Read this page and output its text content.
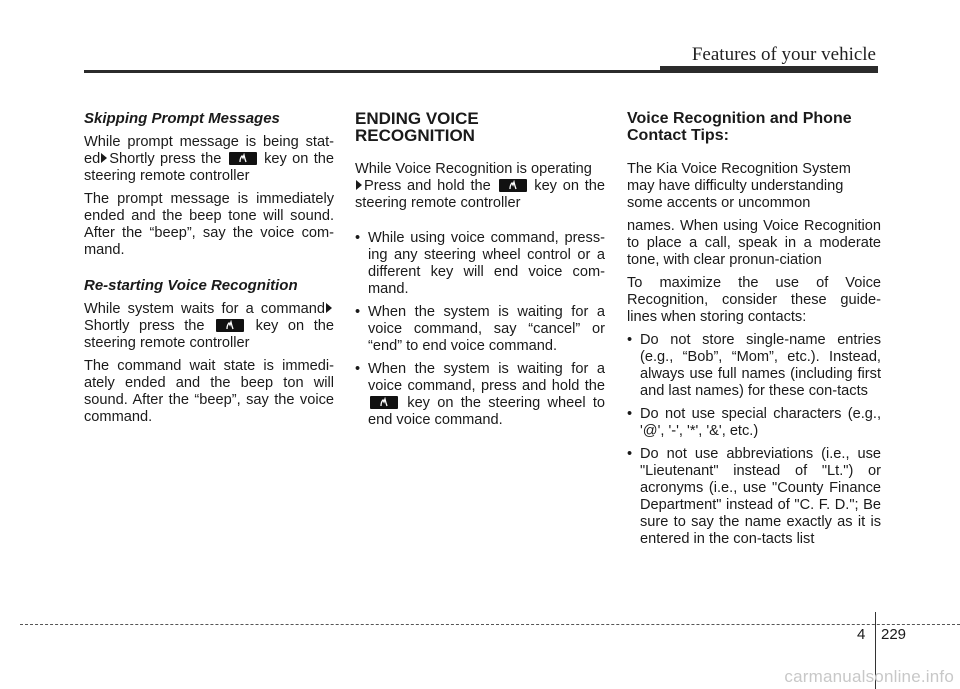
Features of your vehicle
Skipping Prompt Messages

While prompt message is being stat-ed Shortly press the	key on the steering remote controller

The prompt message is immediately ended and the beep tone will sound. After the “beep”, say the voice com-mand.

Re-starting Voice Recognition

While system waits for a command Shortly press the	key on the steering remote controller

The command wait state is immedi-ately ended and the beep ton will sound. After the “beep”, say the voice command.

ENDING VOICE RECOGNITION

While Voice Recognition is operating
Press and hold the	key on the steering remote controller

• While using voice command, press-ing any steering wheel control or a different key will end voice com-mand.
• When the system is waiting for a voice command, say “cancel” or “end” to end voice command.
• When the system is waiting for a voice command, press and hold the
key on the steering wheel to end voice command.
Voice Recognition and Phone Contact Tips:

The Kia Voice Recognition System may have difficulty understanding some accents or uncommon

names. When using Voice Recognition to place a call, speak in a moderate tone, with clear pronun-ciation

To maximize the use of Voice Recognition, consider these guide-lines when storing contacts:

• Do not store single-name entries (e.g., “Bob”, “Mom”, etc.). Instead, always use full names (including first and last names) for these con-tacts
• Do not use special characters (e.g., '@', '-', '*', '&', etc.)
• Do not use abbreviations (i.e., use "Lieutenant" instead of "Lt.") or acronyms (i.e., use "County Finance Department" instead of "C. F. D."; Be sure to say the name exactly as it is entered in the con-tacts list
4 229
carmanualsonline.info
